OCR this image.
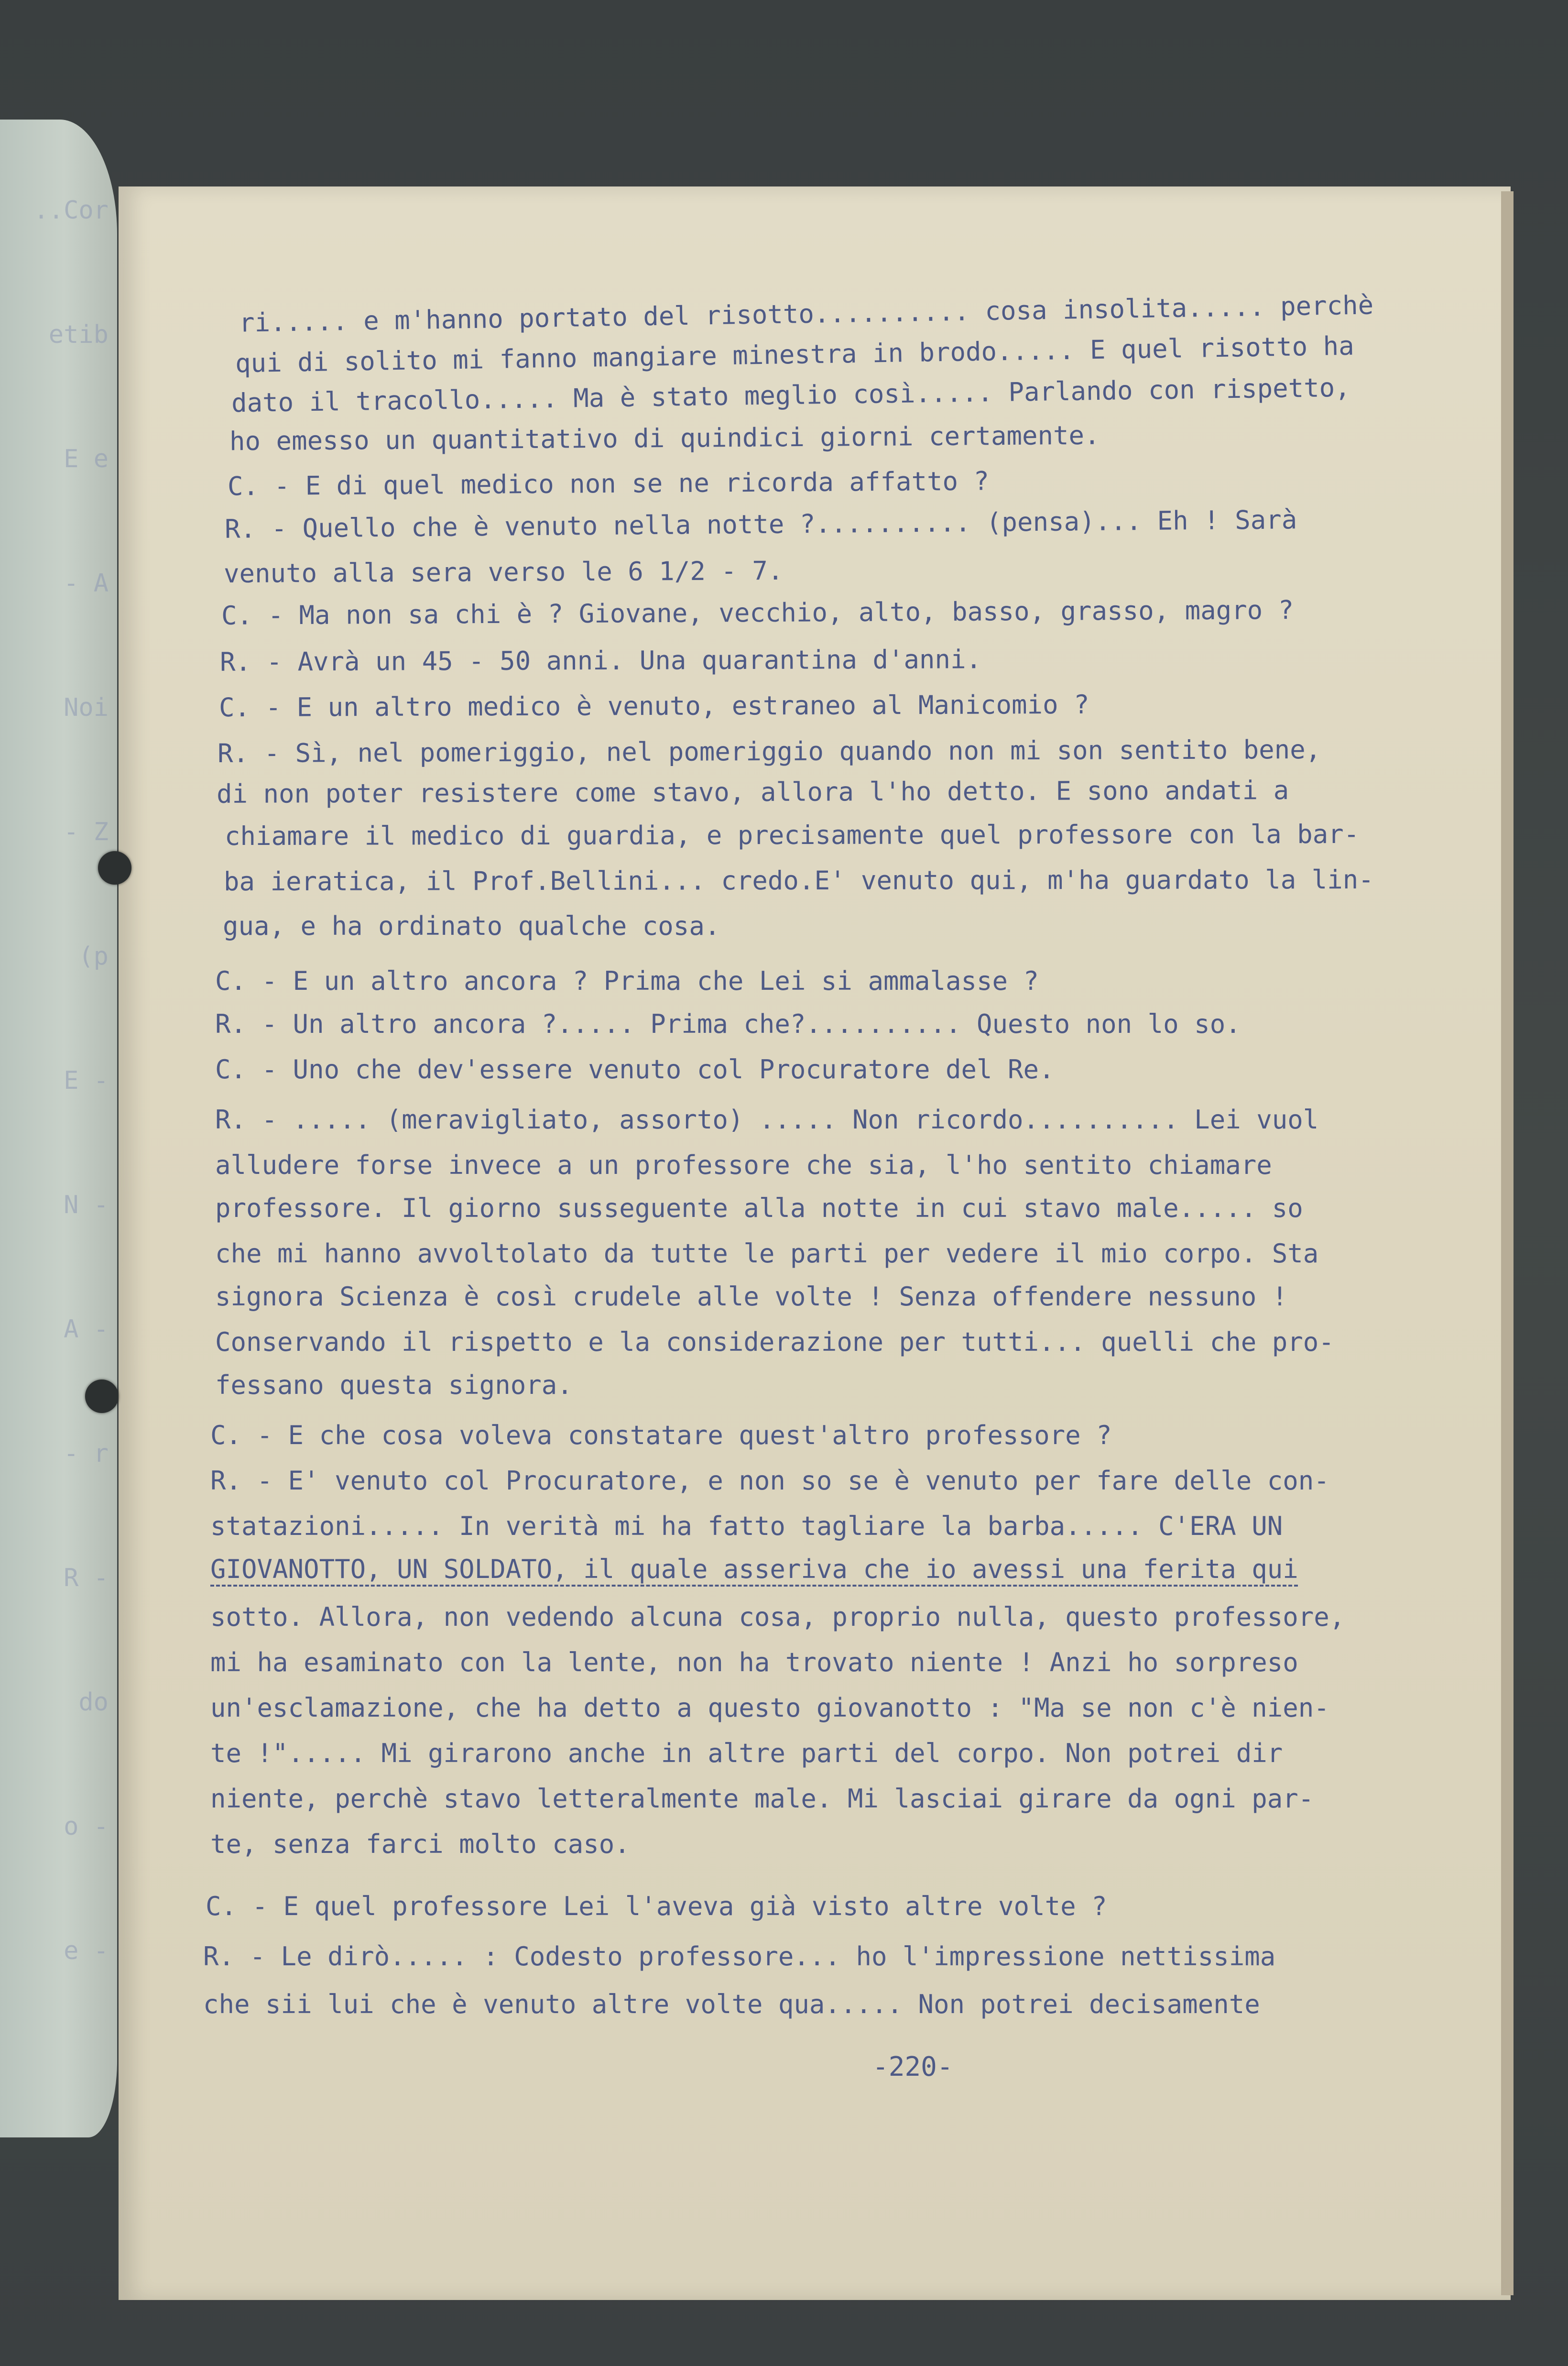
..Cor
etib
E e
- A
Noi
- Z
(p
E -
N -
A -
- r
R -
do
o -
e -

ri..... e m'hanno portato del risotto.......... cosa insolita..... perchè

qui di solito mi fanno mangiare minestra in brodo..... E quel risotto ha

dato il tracollo..... Ma è stato meglio così..... Parlando con rispetto,

ho emesso un quantitativo di quindici giorni certamente.

C. - E di quel medico non se ne ricorda affatto ?

R. - Quello che è venuto nella notte ?.......... (pensa)... Eh ! Sarà

venuto alla sera verso le 6 1/2 - 7.

C. - Ma non sa chi è ? Giovane, vecchio, alto, basso, grasso, magro ?

R. - Avrà un 45 - 50 anni. Una quarantina d'anni.

C. - E un altro medico è venuto, estraneo al Manicomio ?

R. - Sì, nel pomeriggio, nel pomeriggio quando non mi son sentito bene,

di non poter resistere come stavo, allora l'ho detto. E sono andati a

chiamare il medico di guardia, e precisamente quel professore con la bar-

ba ieratica, il Prof.Bellini... credo.E' venuto qui, m'ha guardato la lin-

gua, e ha ordinato qualche cosa.

C. - E un altro ancora ? Prima che Lei si ammalasse ?

R. - Un altro ancora ?..... Prima che?.......... Questo non lo so.

C. - Uno che dev'essere venuto col Procuratore del Re.

R. - ..... (meravigliato, assorto) ..... Non ricordo.......... Lei vuol

alludere forse invece a un professore che sia, l'ho sentito chiamare

professore. Il giorno susseguente alla notte in cui stavo male..... so

che mi hanno avvoltolato da tutte le parti per vedere il mio corpo. Sta

signora Scienza è così crudele alle volte ! Senza offendere nessuno !

Conservando il rispetto e la considerazione per tutti... quelli che pro-

fessano questa signora.

C. - E che cosa voleva constatare quest'altro professore ?

R. - E' venuto col Procuratore, e non so se è venuto per fare delle con-

statazioni..... In verità mi ha fatto tagliare la barba..... C'ERA UN

GIOVANOTTO, UN SOLDATO, il quale asseriva che io avessi una ferita qui

sotto. Allora, non vedendo alcuna cosa, proprio nulla, questo professore,

mi ha esaminato con la lente, non ha trovato niente ! Anzi ho sorpreso

un'esclamazione, che ha detto a questo giovanotto : "Ma se non c'è nien-

te !"..... Mi girarono anche in altre parti del corpo. Non potrei dir

niente, perchè stavo letteralmente male. Mi lasciai girare da ogni par-

te, senza farci molto caso.

C. - E quel professore Lei l'aveva già visto altre volte ?

R. - Le dirò..... : Codesto professore... ho l'impressione nettissima

che sii lui che è venuto altre volte qua..... Non potrei decisamente

-220-
